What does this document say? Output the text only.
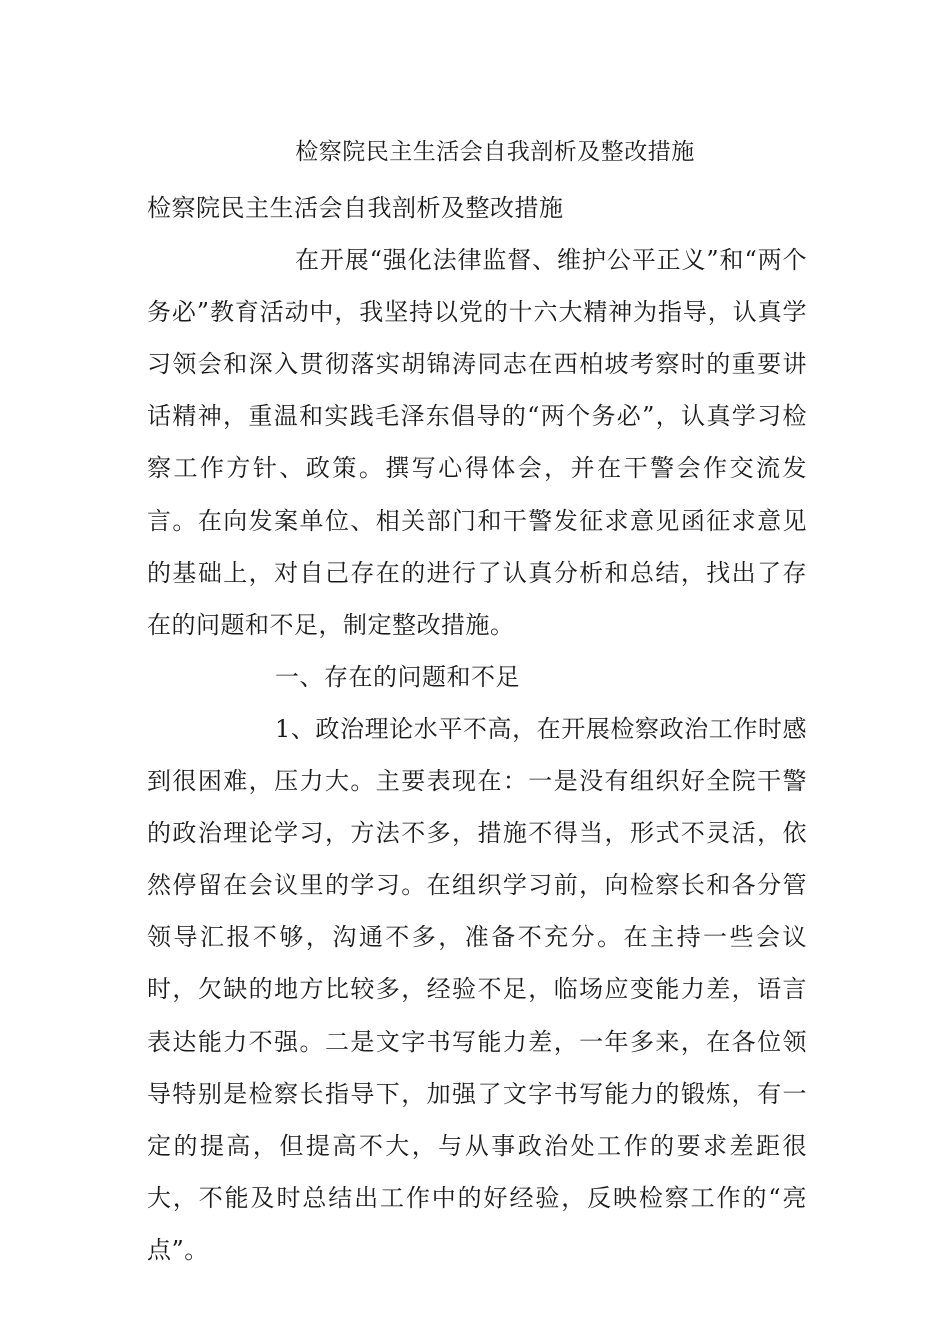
检察院民主生活会自我剖析及整改措施

检察院民主生活会自我剖析及整改措施

在开展“强化法律监督、维护公平正义”和“两个务必”教育活动中，我坚持以党的十六大精神为指导，认真学习领会和深入贯彻落实胡锦涛同志在西柏坡考察时的重要讲话精神，重温和实践毛泽东倡导的“两个务必”，认真学习检察工作方针、政策。撰写心得体会，并在干警会作交流发言。在向发案单位、相关部门和干警发征求意见函征求意见的基础上，对自己存在的进行了认真分析和总结，找出了存在的问题和不足，制定整改措施。

一、存在的问题和不足

1、政治理论水平不高，在开展检察政治工作时感到很困难，压力大。主要表现在：一是没有组织好全院干警的政治理论学习，方法不多，措施不得当，形式不灵活，依然停留在会议里的学习。在组织学习前，向检察长和各分管领导汇报不够，沟通不多，准备不充分。在主持一些会议时，欠缺的地方比较多，经验不足，临场应变能力差，语言表达能力不强。二是文字书写能力差，一年多来，在各位领导特别是检察长指导下，加强了文字书写能力的锻炼，有一定的提高，但提高不大，与从事政治处工作的要求差距很大，不能及时总结出工作中的好经验，反映检察工作的“亮点”。
